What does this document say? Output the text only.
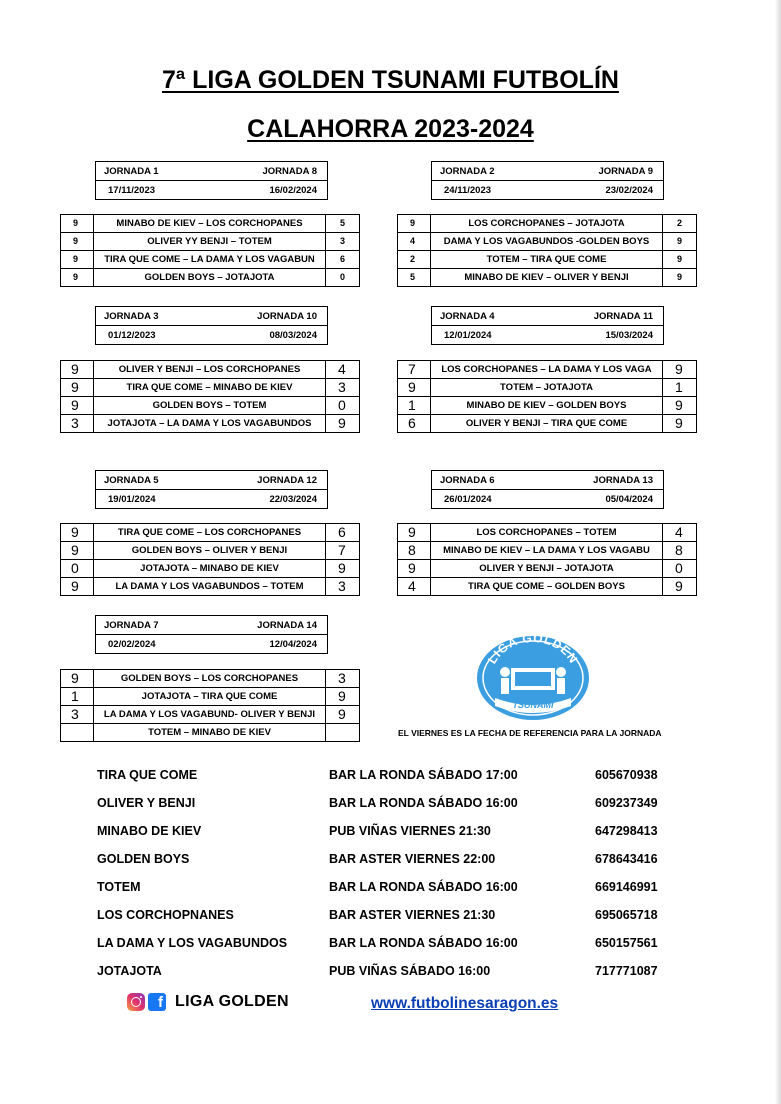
7ª LIGA GOLDEN TSUNAMI FUTBOLÍN
CALAHORRA 2023-2024
JORNADA 1	JORNADA 8
17/11/2023	16/02/2024
9	MINABO DE KIEV – LOS CORCHOPANES	5
9	OLIVER YY BENJI – TOTEM	3
9	TIRA QUE COME – LA DAMA Y LOS VAGABUN	6
9	GOLDEN BOYS – JOTAJOTA	0
JORNADA 2	JORNADA 9
24/11/2023	23/02/2024
9	LOS CORCHOPANES – JOTAJOTA	2
4	DAMA Y LOS VAGABUNDOS -GOLDEN BOYS	9
2	TOTEM – TIRA QUE COME	9
5	MINABO DE KIEV – OLIVER Y BENJI	9
JORNADA 3	JORNADA 10
01/12/2023	08/03/2024
9	OLIVER Y BENJI – LOS CORCHOPANES	4
9	TIRA QUE COME – MINABO DE KIEV	3
9	GOLDEN BOYS – TOTEM	0
3	JOTAJOTA – LA DAMA Y LOS VAGABUNDOS	9
JORNADA 4	JORNADA 11
12/01/2024	15/03/2024
7	LOS CORCHOPANES – LA DAMA Y LOS VAGA	9
9	TOTEM – JOTAJOTA	1
1	MINABO DE KIEV – GOLDEN BOYS	9
6	OLIVER Y BENJI – TIRA QUE COME	9
JORNADA 5	JORNADA 12
19/01/2024	22/03/2024
9	TIRA QUE COME – LOS CORCHOPANES	6
9	GOLDEN BOYS – OLIVER Y BENJI	7
0	JOTAJOTA – MINABO DE KIEV	9
9	LA DAMA Y LOS VAGABUNDOS – TOTEM	3
JORNADA 6	JORNADA 13
26/01/2024	05/04/2024
9	LOS CORCHOPANES – TOTEM	4
8	MINABO DE KIEV – LA DAMA Y LOS VAGABU	8
9	OLIVER Y BENJI – JOTAJOTA	0
4	TIRA QUE COME – GOLDEN BOYS	9
JORNADA 7	JORNADA 14
02/02/2024	12/04/2024
9	GOLDEN BOYS – LOS CORCHOPANES	3
1	JOTAJOTA – TIRA QUE COME	9
3	LA DAMA Y LOS VAGABUND- OLIVER Y BENJI	9
	TOTEM – MINABO DE KIEV	
LIGA GOLDEN
TSUNAMI
EL VIERNES ES LA FECHA DE REFERENCIA PARA LA JORNADA
TIRA QUE COME	BAR LA RONDA SÁBADO 17:00	605670938
OLIVER Y BENJI	BAR LA RONDA SÁBADO 16:00	609237349
MINABO DE KIEV	PUB VIÑAS VIERNES 21:30	647298413
GOLDEN BOYS	BAR ASTER VIERNES 22:00	678643416
TOTEM	BAR LA RONDA SÁBADO 16:00	669146991
LOS CORCHOPNANES	BAR ASTER VIERNES 21:30	695065718
LA DAMA Y LOS VAGABUNDOS	BAR LA RONDA SÁBADO 16:00	650157561
JOTAJOTA	PUB VIÑAS SÁBADO 16:00	717771087
f LIGA GOLDEN	www.futbolinesaragon.es
